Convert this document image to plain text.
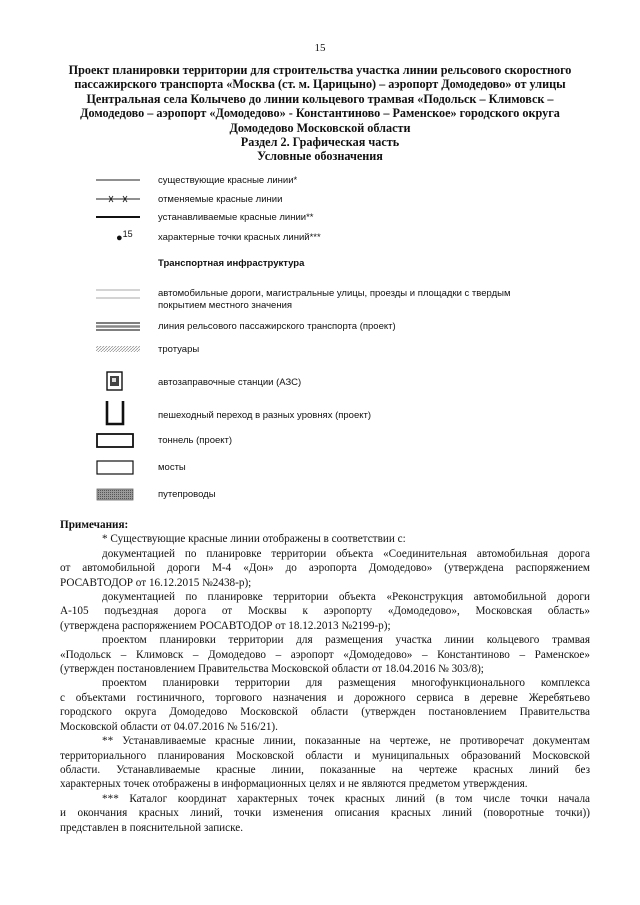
15
Проект планировки территории для строительства участка линии рельсового скоростного
пассажирского транспорта «Москва (ст. м. Царицыно) – аэропорт Домодедово» от улицы
Центральная села Колычево до линии кольцевого трамвая «Подольск – Климовск –
Домодедово – аэропорт «Домодедово» - Константиново – Раменское» городского округа
Домодедово Московской области
Раздел 2. Графическая часть
Условные обозначения
существующие красные линии*
отменяемые красные линии
устанавливаемые красные линии**
●15	характерные точки красных линий***
Транспортная инфраструктура
автомобильные дороги, магистральные улицы, проезды и площадки с твердым
покрытием местного значения
линия рельсового пассажирского транспорта (проект)
тротуары
автозаправочные станции (АЗС)
пешеходный переход в разных уровнях (проект)
тоннель (проект)
мосты
путепроводы
Примечания:

* Существующие красные линии отображены в соответствии с:

документацией по планировке территории объекта «Соединительная автомобильная дорога

от автомобильной дороги М-4 «Дон» до аэропорта Домодедово» (утверждена распоряжением
РОСАВТОДОР от 16.12.2015 №2438-р);

документацией по планировке территории объекта «Реконструкция автомобильной дороги

А-105 подъездная дорога от Москвы к аэропорту «Домодедово», Московская область»
(утверждена распоряжением РОСАВТОДОР от 18.12.2013 №2199-р);

проектом планировки территории для размещения участка линии кольцевого трамвая

«Подольск – Климовск – Домодедово – аэропорт «Домодедово» – Константиново – Раменское»
(утвержден постановлением Правительства Московской области от 18.04.2016 № 303/8);

проектом планировки территории для размещения многофункционального комплекса

с объектами гостиничного, торгового назначения и дорожного сервиса в деревне Жеребятьево
городского округа Домодедово Московской области (утвержден постановлением Правительства
Московской области от 04.07.2016 № 516/21).

** Устанавливаемые красные линии, показанные на чертеже, не противоречат документам

территориального планирования Московской области и муниципальных образований Московской
области. Устанавливаемые красные линии, показанные на чертеже красных линий без
характерных точек отображены в информационных целях и не являются предметом утверждения.

*** Каталог координат характерных точек красных линий (в том числе точки начала

и окончания красных линий, точки изменения описания красных линий (поворотные точки))
представлен в пояснительной записке.
